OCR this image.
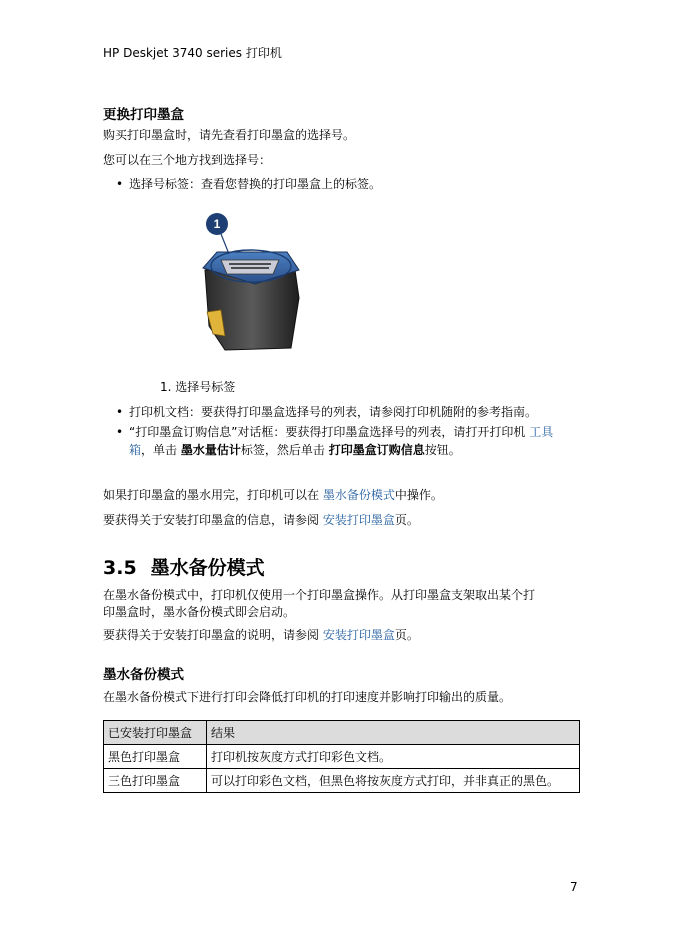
HP Deskjet 3740 series 打印机
更换打印墨盒
购买打印墨盒时，请先查看打印墨盒的选择号。
您可以在三个地方找到选择号：
• 选择号标签：查看您替换的打印墨盒上的标签。
1
1. 选择号标签
• 打印机文档：要获得打印墨盒选择号的列表，请参阅打印机随附的参考指南。
• “打印墨盒订购信息”对话框：要获得打印墨盒选择号的列表，请打开打印机 工具箱，单击 墨水量估计标签，然后单击 打印墨盒订购信息按钮。
如果打印墨盒的墨水用完，打印机可以在 墨水备份模式中操作。
要获得关于安装打印墨盒的信息，请参阅 安装打印墨盒页。
3.5 墨水备份模式
在墨水备份模式中，打印机仅使用一个打印墨盒操作。从打印墨盒支架取出某个打
印墨盒时，墨水备份模式即会启动。
要获得关于安装打印墨盒的说明，请参阅 安装打印墨盒页。
墨水备份模式
在墨水备份模式下进行打印会降低打印机的打印速度并影响打印输出的质量。
已安装打印墨盒	结果
黑色打印墨盒	打印机按灰度方式打印彩色文档。
三色打印墨盒	可以打印彩色文档，但黑色将按灰度方式打印，并非真正的黑色。
7
